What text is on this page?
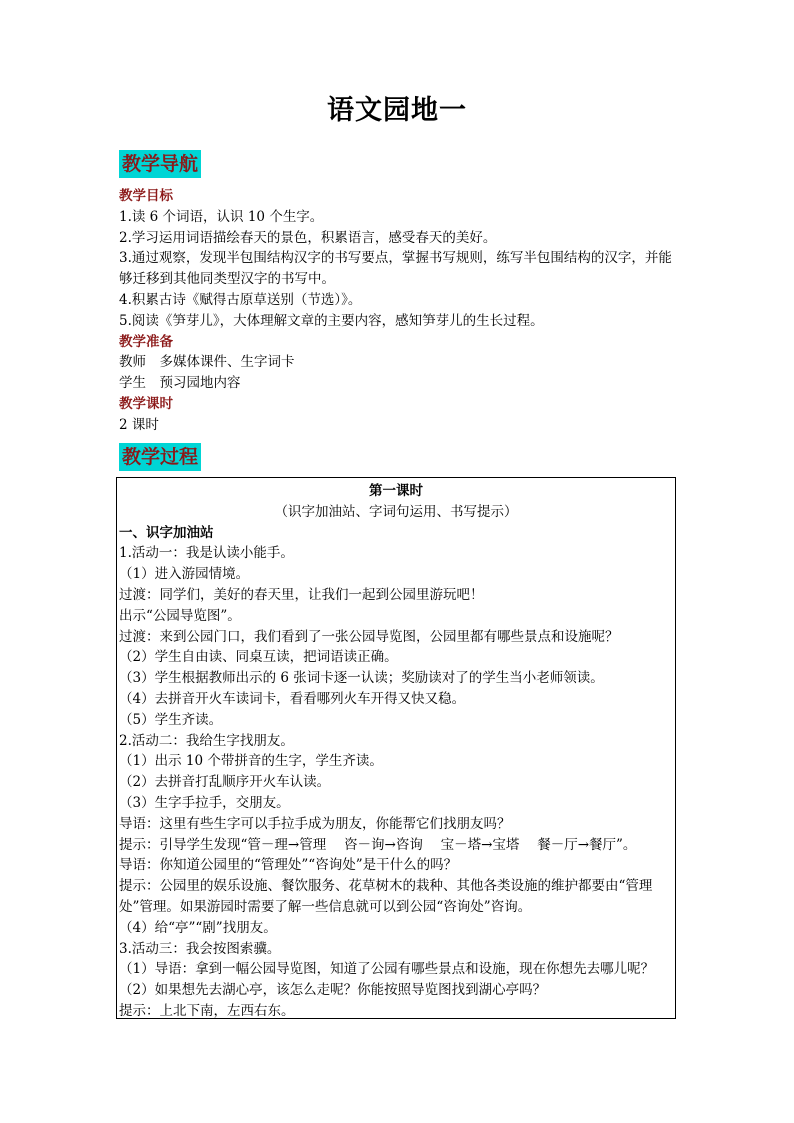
语文园地一
教学导航
教学目标
1.读 6 个词语，认识 10 个生字。
2.学习运用词语描绘春天的景色，积累语言，感受春天的美好。
3.通过观察，发现半包围结构汉字的书写要点，掌握书写规则，练写半包围结构的汉字，并能够迁移到其他同类型汉字的书写中。
4.积累古诗《赋得古原草送别（节选）》。
5.阅读《笋芽儿》，大体理解文章的主要内容，感知笋芽儿的生长过程。
教学准备
教师　多媒体课件、生字词卡
学生　预习园地内容
教学课时
2 课时
教学过程
第一课时
（识字加油站、字词句运用、书写提示）
一、识字加油站
1.活动一：我是认读小能手。
（1）进入游园情境。
过渡：同学们，美好的春天里，让我们一起到公园里游玩吧！
出示“公园导览图”。
过渡：来到公园门口，我们看到了一张公园导览图，公园里都有哪些景点和设施呢？
（2）学生自由读、同桌互读，把词语读正确。
（3）学生根据教师出示的 6 张词卡逐一认读；奖励读对了的学生当小老师领读。
（4）去拼音开火车读词卡，看看哪列火车开得又快又稳。
（5）学生齐读。
2.活动二：我给生字找朋友。
（1）出示 10 个带拼音的生字，学生齐读。
（2）去拼音打乱顺序开火车认读。
（3）生字手拉手，交朋友。
导语：这里有些生字可以手拉手成为朋友，你能帮它们找朋友吗？
提示：引导学生发现“管－理→管理　 咨－询→咨询　 宝－塔→宝塔　 餐－厅→餐厅”。
导语：你知道公园里的“管理处”“咨询处”是干什么的吗？
提示：公园里的娱乐设施、餐饮服务、花草树木的栽种、其他各类设施的维护都要由“管理处”管理。如果游园时需要了解一些信息就可以到公园“咨询处”咨询。
（4）给“亭”“剧”找朋友。
3.活动三：我会按图索骥。
（1）导语：拿到一幅公园导览图，知道了公园有哪些景点和设施，现在你想先去哪儿呢？
（2）如果想先去湖心亭，该怎么走呢？你能按照导览图找到湖心亭吗？
提示：上北下南，左西右东。
